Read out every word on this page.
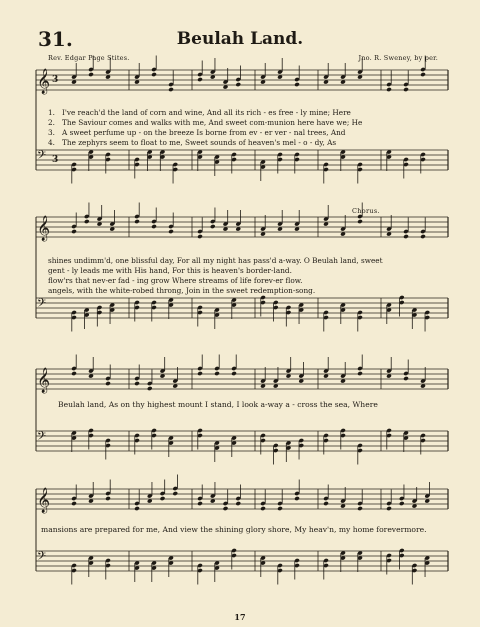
31.	Beulah Land.
Rev. Edgar Page Stites.	Jno. R. Sweney, by per.
𝄞 3
𝄢 3
𝄞
𝄢
𝄞
𝄢
𝄞
𝄢
1. I've reach'd the land of corn and wine, And all its rich - es free - ly mine; Here
2. The Saviour comes and walks with me, And sweet com-munion here have we; He
3. A sweet perfume up - on the breeze Is borne from ev - er ver - nal trees, And
4. The zephyrs seem to float to me, Sweet sounds of heaven's mel - o - dy, As
Chorus.
shines undimm'd, one blissful day, For all my night has pass'd a-way. O Beulah land, sweet
gent - ly leads me with His hand, For this is heaven's border-land.
flow'rs that nev-er fad - ing grow Where streams of life forev-er flow.
angels, with the white-robed throng, Join in the sweet redemption-song.
Beulah land, As on thy highest mount I stand, I look a-way a - cross the sea, Where
mansions are prepared for me, And view the shining glory shore, My heav'n, my home forevermore.
17
